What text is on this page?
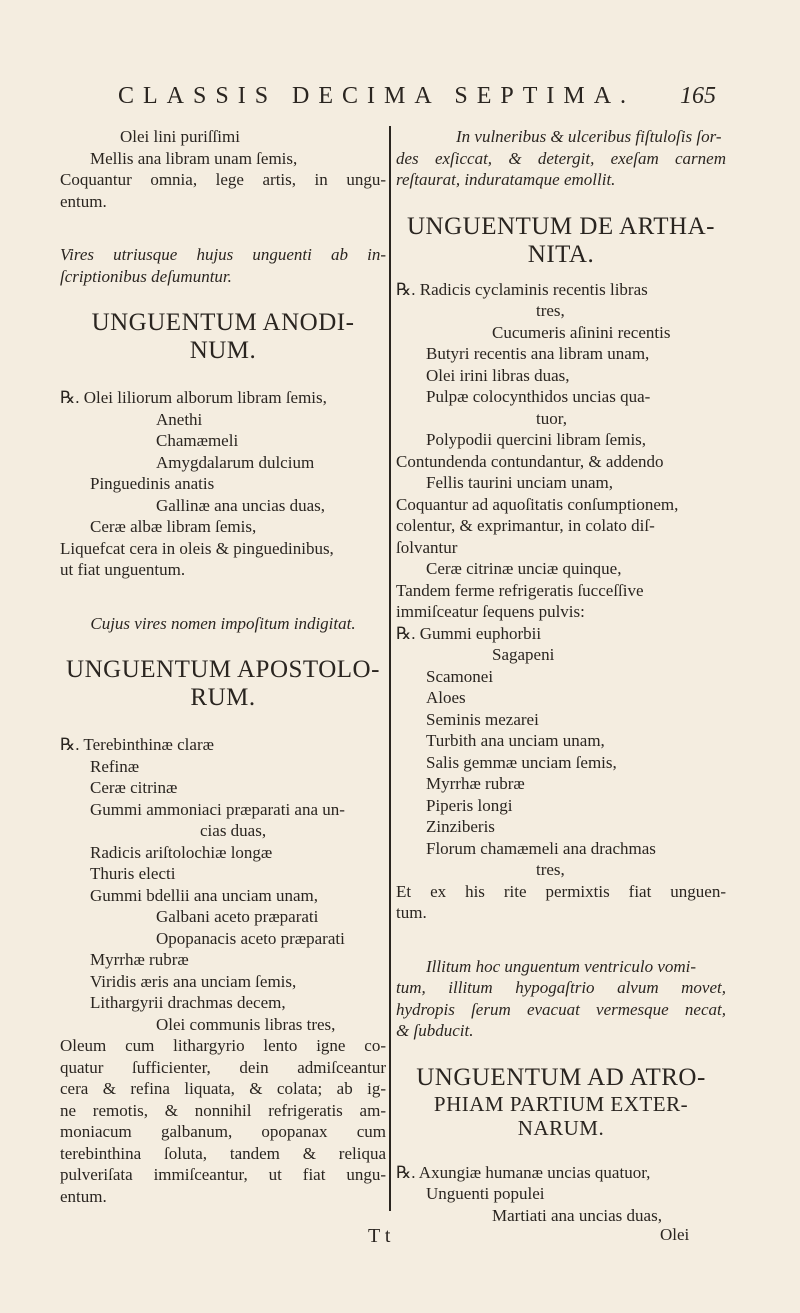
CLASSIS DECIMA SEPTIMA. 165
Olei lini puriſſimi
Mellis ana libram unam ſemis,
Coquantur omnia, lege artis, in ungu-
entum.
Vires utriusque hujus unguenti ab in-
ſcriptionibus deſumuntur.
UNGUENTUM ANODI-
NUM.
℞. Olei liliorum alborum libram ſemis,
Anethi
Chamæmeli
Amygdalarum dulcium
Pinguedinis anatis
Gallinæ ana uncias duas,
Ceræ albæ libram ſemis,
Liquefcat cera in oleis & pinguedinibus,
ut fiat unguentum.
Cujus vires nomen impoſitum indigitat.
UNGUENTUM APOSTOLO-
RUM.
℞. Terebinthinæ claræ
Refinæ
Ceræ citrinæ
Gummi ammoniaci præparati ana un-
cias duas,
Radicis ariſtolochiæ longæ
Thuris electi
Gummi bdellii ana unciam unam,
Galbani aceto præparati
Opopanacis aceto præparati
Myrrhæ rubræ
Viridis æris ana unciam ſemis,
Lithargyrii drachmas decem,
Olei communis libras tres,
Oleum cum lithargyrio lento igne co-
quatur ſufficienter, dein admiſceantur
cera & refina liquata, & colata; ab ig-
ne remotis, & nonnihil refrigeratis am-
moniacum galbanum, opopanax cum
terebinthina ſoluta, tandem & reliqua
pulveriſata immiſceantur, ut fiat ungu-
entum.
In vulneribus & ulceribus fiſtuloſis ſor-
des exſiccat, & detergit, exeſam carnem
reſtaurat, induratamque emollit.
UNGUENTUM DE ARTHA-
NITA.
℞. Radicis cyclaminis recentis libras
tres,
Cucumeris aſinini recentis
Butyri recentis ana libram unam,
Olei irini libras duas,
Pulpæ colocynthidos uncias qua-
tuor,
Polypodii quercini libram ſemis,
Contundenda contundantur, & addendo
Fellis taurini unciam unam,
Coquantur ad aquoſitatis conſumptionem,
colentur, & exprimantur, in colato diſ-
ſolvantur
Ceræ citrinæ unciæ quinque,
Tandem ferme refrigeratis ſucceſſive
immiſceatur ſequens pulvis:
℞. Gummi euphorbii
Sagapeni
Scamonei
Aloes
Seminis mezarei
Turbith ana unciam unam,
Salis gemmæ unciam ſemis,
Myrrhæ rubræ
Piperis longi
Zinziberis
Florum chamæmeli ana drachmas
tres,
Et ex his rite permixtis fiat unguen-
tum.
Illitum hoc unguentum ventriculo vomi-
tum, illitum hypogaſtrio alvum movet,
hydropis ſerum evacuat vermesque necat,
& ſubducit.
UNGUENTUM AD ATRO-
PHIAM PARTIUM EXTER-
NARUM.
℞. Axungiæ humanæ uncias quatuor,
Unguenti populei
Martiati ana uncias duas,
T t	Olei
